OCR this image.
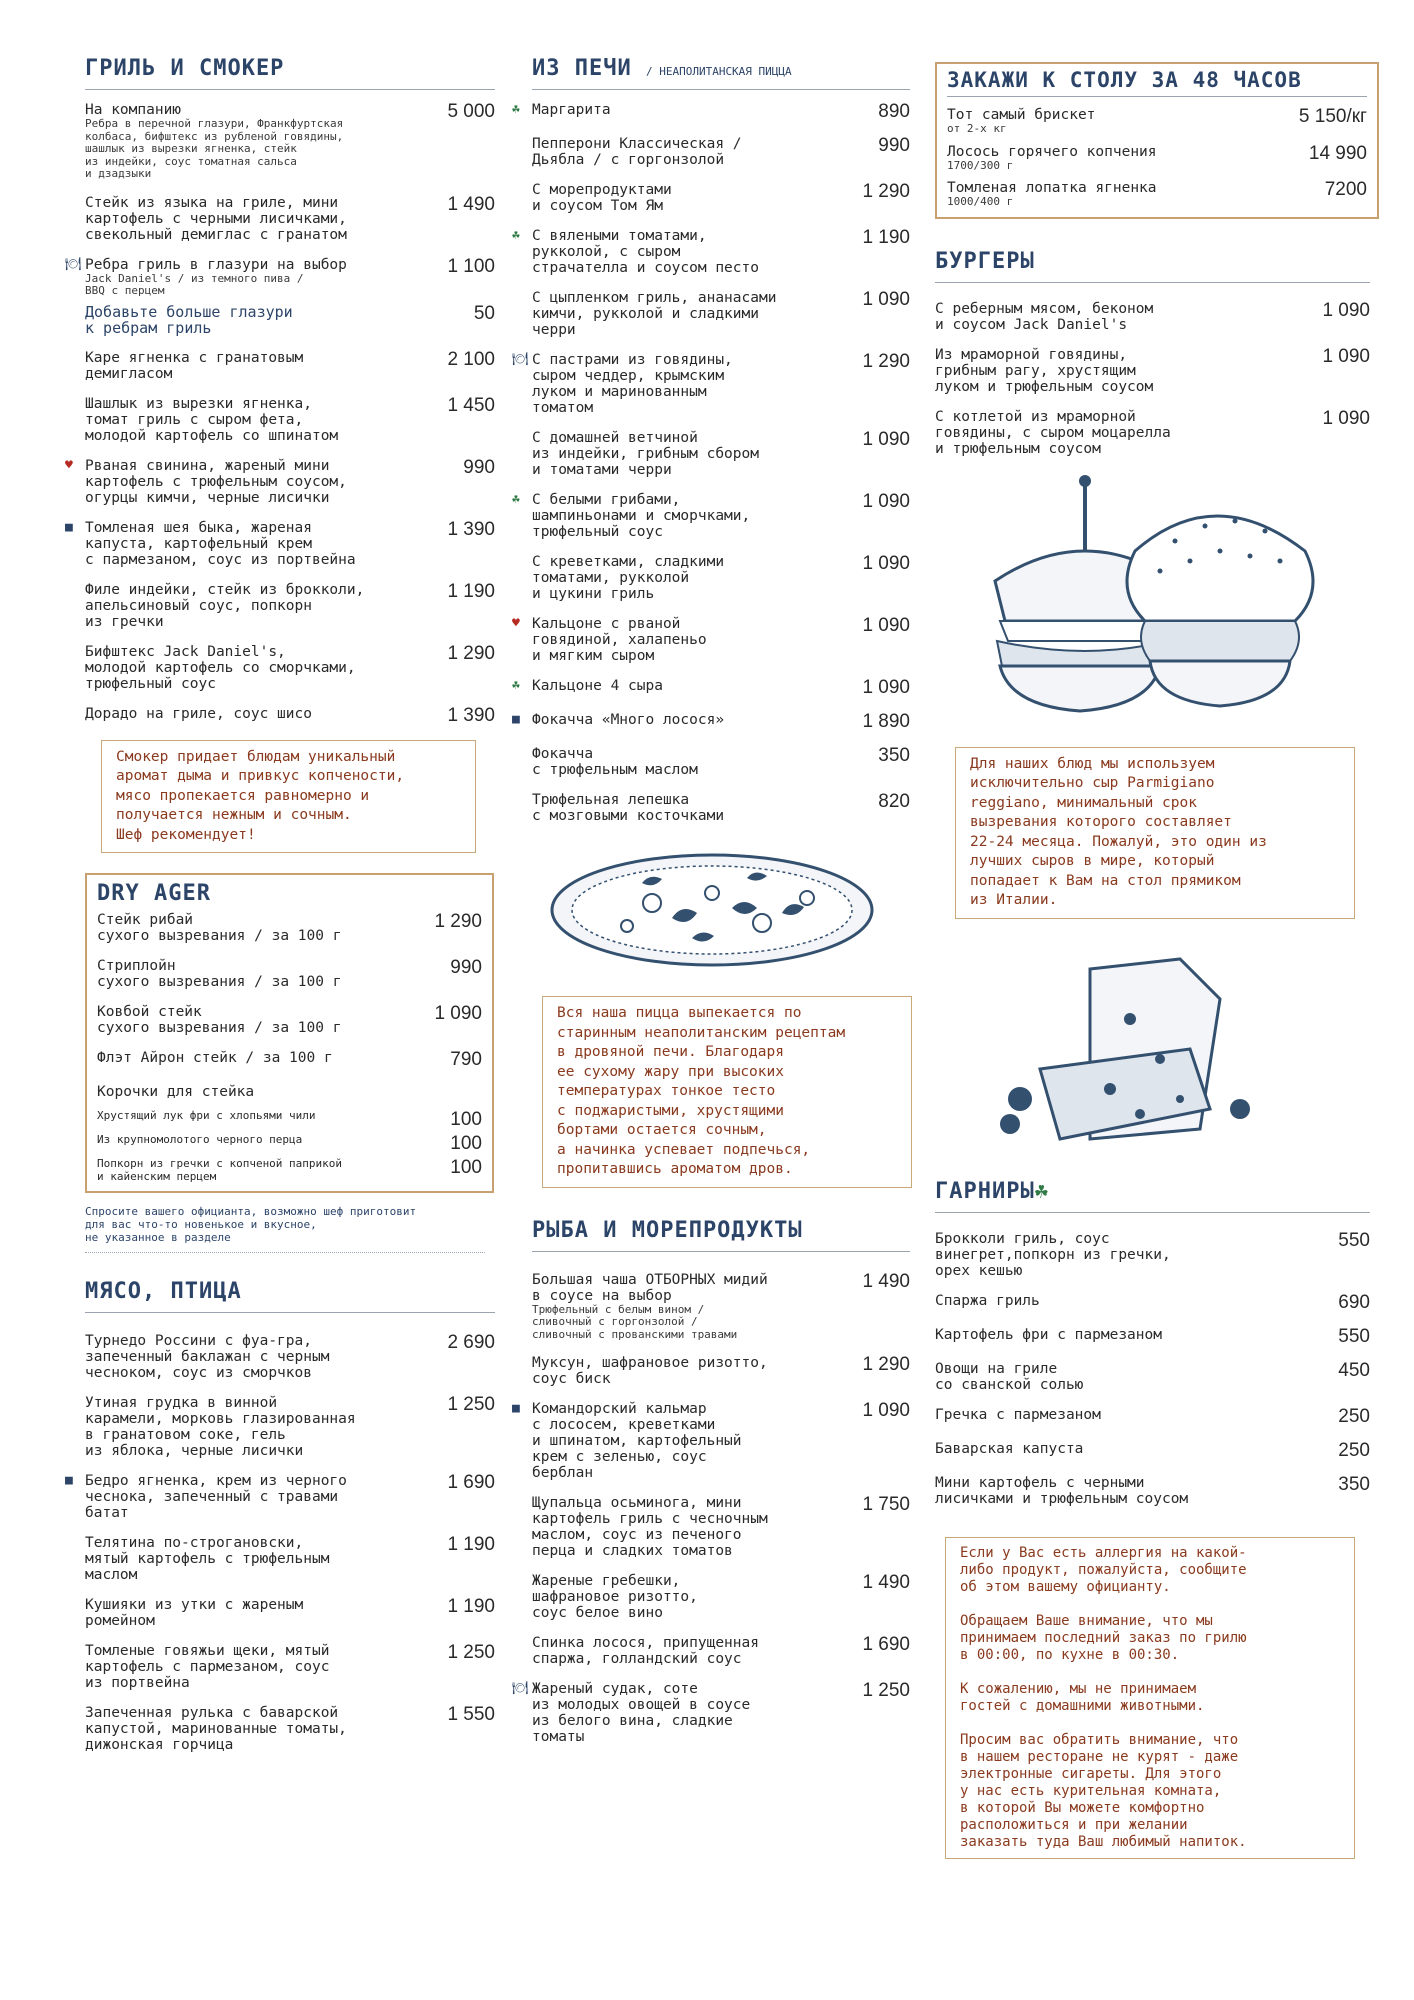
ГРИЛЬ И СМОКЕР
На компанию
Ребра в перечной глазури, Франкфуртская
колбаса, бифштекс из рубленой говядины,
шашлык из вырезки ягненка, стейк
из индейки, соус томатная сальса
и дзадзыки
5 000
Стейк из языка на гриле, мини
картофель с черными лисичками,
свекольный демиглас с гранатом
1 490
🍽 Ребра гриль в глазури на выбор
Jack Daniel's / из темного пива /
BBQ с перцем
1 100
Добавьте больше глазури
к ребрам гриль
50
Каре ягненка с гранатовым
демигласом
2 100
Шашлык из вырезки ягненка,
томат гриль с сыром фета,
молодой картофель со шпинатом
1 450
♥ Рваная свинина, жареный мини
картофель с трюфельным соусом,
огурцы кимчи, черные лисички
990
■ Томленая шея быка, жареная
капуста, картофельный крем
с пармезаном, соус из портвейна
1 390
Филе индейки, стейк из брокколи,
апельсиновый соус, попкорн
из гречки
1 190
Бифштекс Jack Daniel's,
молодой картофель со сморчками,
трюфельный соус
1 290
Дорадо на гриле, соус шисо	1 390
Смокер придает блюдам уникальный
аромат дыма и привкус копчености,
мясо пропекается равномерно и
получается нежным и сочным.
Шеф рекомендует!
DRY AGER
Стейк рибай
сухого вызревания / за 100 г
1 290
Стриплойн
сухого вызревания / за 100 г
990
Ковбой стейк
сухого вызревания / за 100 г
1 090
Флэт Айрон стейк / за 100 г	790
Корочки для стейка
Хрустящий лук фри с хлопьями чили	100
Из крупномолотого черного перца	100
Попкорн из гречки с копченой паприкой
и кайенским перцем	100
Спросите вашего официанта, возможно шеф приготовит
для вас что-то новенькое и вкусное,
не указанное в разделе
МЯСО, ПТИЦА
Турнедо Россини с фуа-гра,
запеченный баклажан с черным
чесноком, соус из сморчков
2 690
Утиная грудка в винной
карамели, морковь глазированная
в гранатовом соке, гель
из яблока, черные лисички
1 250
■ Бедро ягненка, крем из черного
чеснока, запеченный с травами
батат
1 690
Телятина по-строгановски,
мятый картофель с трюфельным
маслом
1 190
Кушияки из утки с жареным
ромейном
1 190
Томленые говяжьи щеки, мятый
картофель с пармезаном, соус
из портвейна
1 250
Запеченная рулька с баварской
капустой, маринованные томаты,
дижонская горчица
1 550
ИЗ ПЕЧИ / НЕАПОЛИТАНСКАЯ ПИЦЦА
☘ Маргарита	890
Пепперони Классическая /
Дьябла / с горгонзолой
990
С морепродуктами
и соусом Том Ям
1 290
☘ С вялеными томатами,
рукколой, с сыром
страчателла и соусом песто
1 190
С цыпленком гриль, ананасами
кимчи, рукколой и сладкими
черри
1 090
🍽 С пастрами из говядины,
сыром чеддер, крымским
луком и маринованным
томатом
1 290
С домашней ветчиной
из индейки, грибным сбором
и томатами черри
1 090
☘ С белыми грибами,
шампиньонами и сморчками,
трюфельный соус
1 090
С креветками, сладкими
томатами, рукколой
и цукини гриль
1 090
♥ Кальцоне с рваной
говядиной, халапеньо
и мягким сыром
1 090
☘ Кальцоне 4 сыра	1 090
■ Фокачча «Много лосося»	1 890
Фокачча
с трюфельным маслом
350
Трюфельная лепешка
с мозговыми косточками
820
Вся наша пицца выпекается по
старинным неаполитанским рецептам
в дровяной печи. Благодаря
ее сухому жару при высоких
температурах тонкое тесто
с поджаристыми, хрустящими
бортами остается сочным,
а начинка успевает подпечься,
пропитавшись ароматом дров.
РЫБА И МОРЕПРОДУКТЫ
Большая чаша ОТБОРНЫХ мидий
в соусе на выбор
Трюфельный с белым вином /
сливочный с горгонзолой /
сливочный с прованскими травами
1 490
Муксун, шафрановое ризотто,
соус биск
1 290
■ Командорский кальмар
с лососем, креветками
и шпинатом, картофельный
крем с зеленью, соус
берблан
1 090
Щупальца осьминога, мини
картофель гриль с чесночным
маслом, соус из печеного
перца и сладких томатов
1 750
Жареные гребешки,
шафрановое ризотто,
соус белое вино
1 490
Спинка лосося, припущенная
спаржа, голландский соус
1 690
🍽 Жареный судак, соте
из молодых овощей в соусе
из белого вина, сладкие
томаты
1 250
ЗАКАЖИ К СТОЛУ ЗА 48 ЧАСОВ
Тот самый брискет
от 2-х кг
5 150/кг
Лосось горячего копчения
1700/300 г
14 990
Томленая лопатка ягненка
1000/400 г
7200
БУРГЕРЫ
С реберным мясом, беконом
и соусом Jack Daniel's
1 090
Из мраморной говядины,
грибным рагу, хрустящим
луком и трюфельным соусом
1 090
С котлетой из мраморной
говядины, с сыром моцарелла
и трюфельным соусом
1 090
Для наших блюд мы используем
исключительно сыр Parmigiano
reggiano, минимальный срок
вызревания которого составляет
22-24 месяца. Пожалуй, это один из
лучших сыров в мире, который
попадает к Вам на стол прямиком
из Италии.
ГАРНИРЫ☘
Брокколи гриль, соус
винегрет,попкорн из гречки,
орех кешью
550
Спаржа гриль	690
Картофель фри с пармезаном	550
Овощи на гриле
со сванской солью
450
Гречка с пармезаном	250
Баварская капуста	250
Мини картофель с черными
лисичками и трюфельным соусом
350
Если у Вас есть аллергия на какой-
либо продукт, пожалуйста, сообщите
об этом вашему официанту.

Обращаем Ваше внимание, что мы
принимаем последний заказ по грилю
в 00:00, по кухне в 00:30.

К сожалению, мы не принимаем
гостей с домашними животными.

Просим вас обратить внимание, что
в нашем ресторане не курят - даже
электронные сигареты. Для этого
у нас есть курительная комната,
в которой Вы можете комфортно
расположиться и при желании
заказать туда Ваш любимый напиток.
